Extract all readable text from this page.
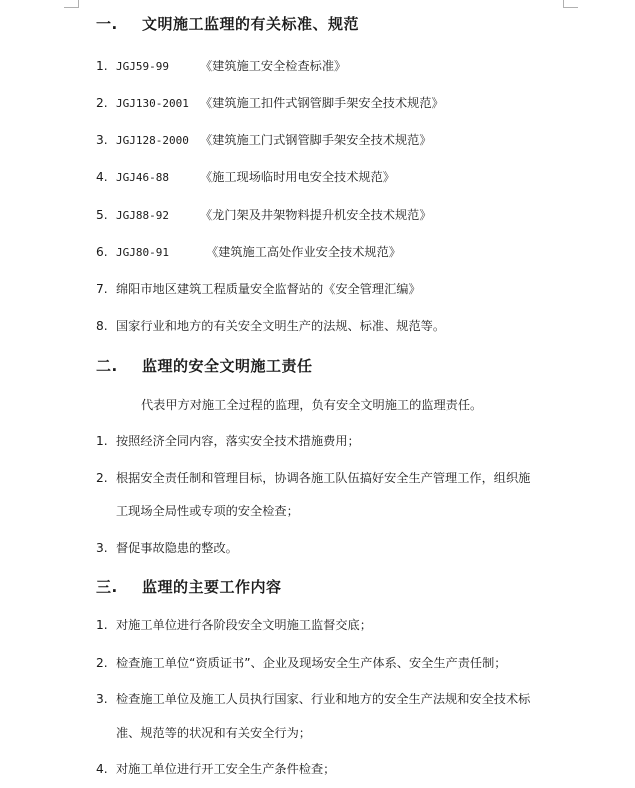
一. 文明施工监理的有关标准、规范
1. JGJ59-99	《建筑施工安全检查标准》
2. JGJ130-2001 《建筑施工扣件式钢管脚手架安全技术规范》
3. JGJ128-2000 《建筑施工门式钢管脚手架安全技术规范》
4. JGJ46-88	《施工现场临时用电安全技术规范》
5. JGJ88-92	《龙门架及井架物料提升机安全技术规范》
6. JGJ80-91	《建筑施工高处作业安全技术规范》
7. 绵阳市地区建筑工程质量安全监督站的《安全管理汇编》
8. 国家行业和地方的有关安全文明生产的法规、标准、规范等。
二. 监理的安全文明施工责任
代表甲方对施工全过程的监理，负有安全文明施工的监理责任。
1. 按照经济全同内容，落实安全技术措施费用；
2. 根据安全责任制和管理目标，协调各施工队伍搞好安全生产管理工作，组织施
工现场全局性或专项的安全检查；
3. 督促事故隐患的整改。
三. 监理的主要工作内容
1. 对施工单位进行各阶段安全文明施工监督交底；
2. 检查施工单位“资质证书”、企业及现场安全生产体系、安全生产责任制；
3. 检查施工单位及施工人员执行国家、行业和地方的安全生产法规和安全技术标
准、规范等的状况和有关安全行为；
4. 对施工单位进行开工安全生产条件检查；
